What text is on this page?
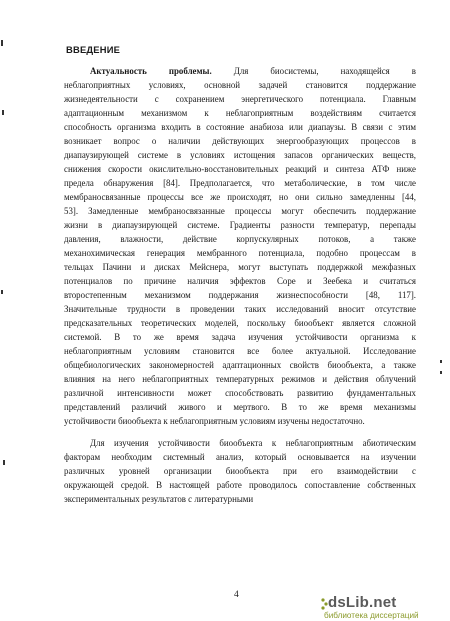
ВВЕДЕНИЕ
Актуальность проблемы. Для биосистемы, находящейся в
неблагоприятных условиях, основной задачей становится поддержание
жизнедеятельности с сохранением энергетического потенциала. Главным
адаптационным механизмом к неблагоприятным воздействиям считается
способность организма входить в состояние анабиоза или диапаузы. В связи с этим
возникает вопрос о наличии действующих энергообразующих процессов в
диапаузирующей системе в условиях истощения запасов органических веществ,
снижения скорости окислительно-восстановительных реакций и синтеза АТФ ниже
предела обнаружения [84]. Предполагается, что метаболические, в том числе
мембраносвязанные процессы все же происходят, но они сильно замедленны [44,
53]. Замедленные мембраносвязанные процессы могут обеспечить поддержание
жизни в диапаузирующей системе. Градиенты разности температур, перепады
давления, влажности, действие корпускулярных потоков, а также
механохимическая генерация мембранного потенциала, подобно процессам в
тельцах Пачини и дисках Мейснера, могут выступать поддержкой межфазных
потенциалов по причине наличия эффектов Соре и Зеебека и считаться
второстепенным механизмом поддержания жизнеспособности [48, 117].
Значительные трудности в проведении таких исследований вносит отсутствие
предсказательных теоретических моделей, поскольку биообъект является сложной
системой. В то же время задача изучения устойчивости организма к
неблагоприятным условиям становится все более актуальной. Исследование
общебиологических закономерностей адаптационных свойств биообъекта, а также
влияния на него неблагоприятных температурных режимов и действия облучений
различной интенсивности может способствовать развитию фундаментальных
представлений различий живого и мертвого. В то же время механизмы
устойчивости биообъекта к неблагоприятным условиям изучены недостаточно.
Для изучения устойчивости биообъекта к неблагоприятным абиотическим
факторам необходим системный анализ, который основывается на изучении
различных уровней организации биообъекта при его взаимодействии с
окружающей средой. В настоящей работе проводилось сопоставление собственных
экспериментальных результатов с литературными
4	dsLib.net
библиотека диссертаций
